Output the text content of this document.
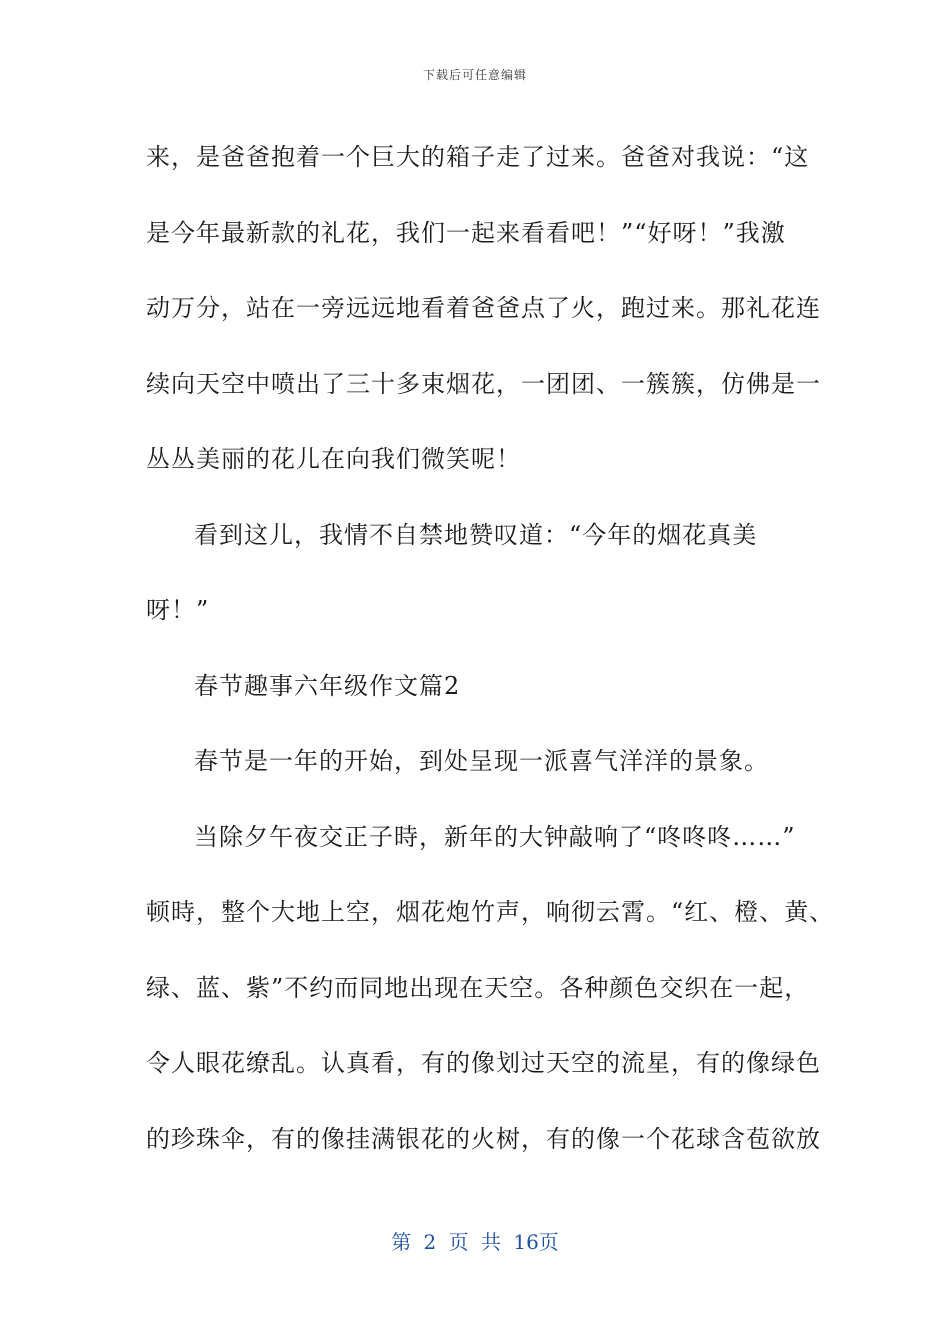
下载后可任意编辑
来，是爸爸抱着一个巨大的箱子走了过来。爸爸对我说：“这
是今年最新款的礼花，我们一起来看看吧！”“好呀！”我激
动万分，站在一旁远远地看着爸爸点了火，跑过来。那礼花连
续向天空中喷出了三十多束烟花，一团团、一簇簇，仿佛是一
丛丛美丽的花儿在向我们微笑呢！
看到这儿，我情不自禁地赞叹道：“今年的烟花真美
呀！”
春节趣事六年级作文篇2
春节是一年的开始，到处呈现一派喜气洋洋的景象。
当除夕午夜交正子時，新年的大钟敲响了“咚咚咚……”
顿時，整个大地上空，烟花炮竹声，响彻云霄。“红、橙、黄、
绿、蓝、紫”不约而同地出现在天空。各种颜色交织在一起，
令人眼花缭乱。认真看，有的像划过天空的流星，有的像绿色
的珍珠伞，有的像挂满银花的火树，有的像一个花球含苞欲放
第 2 页 共 16页
